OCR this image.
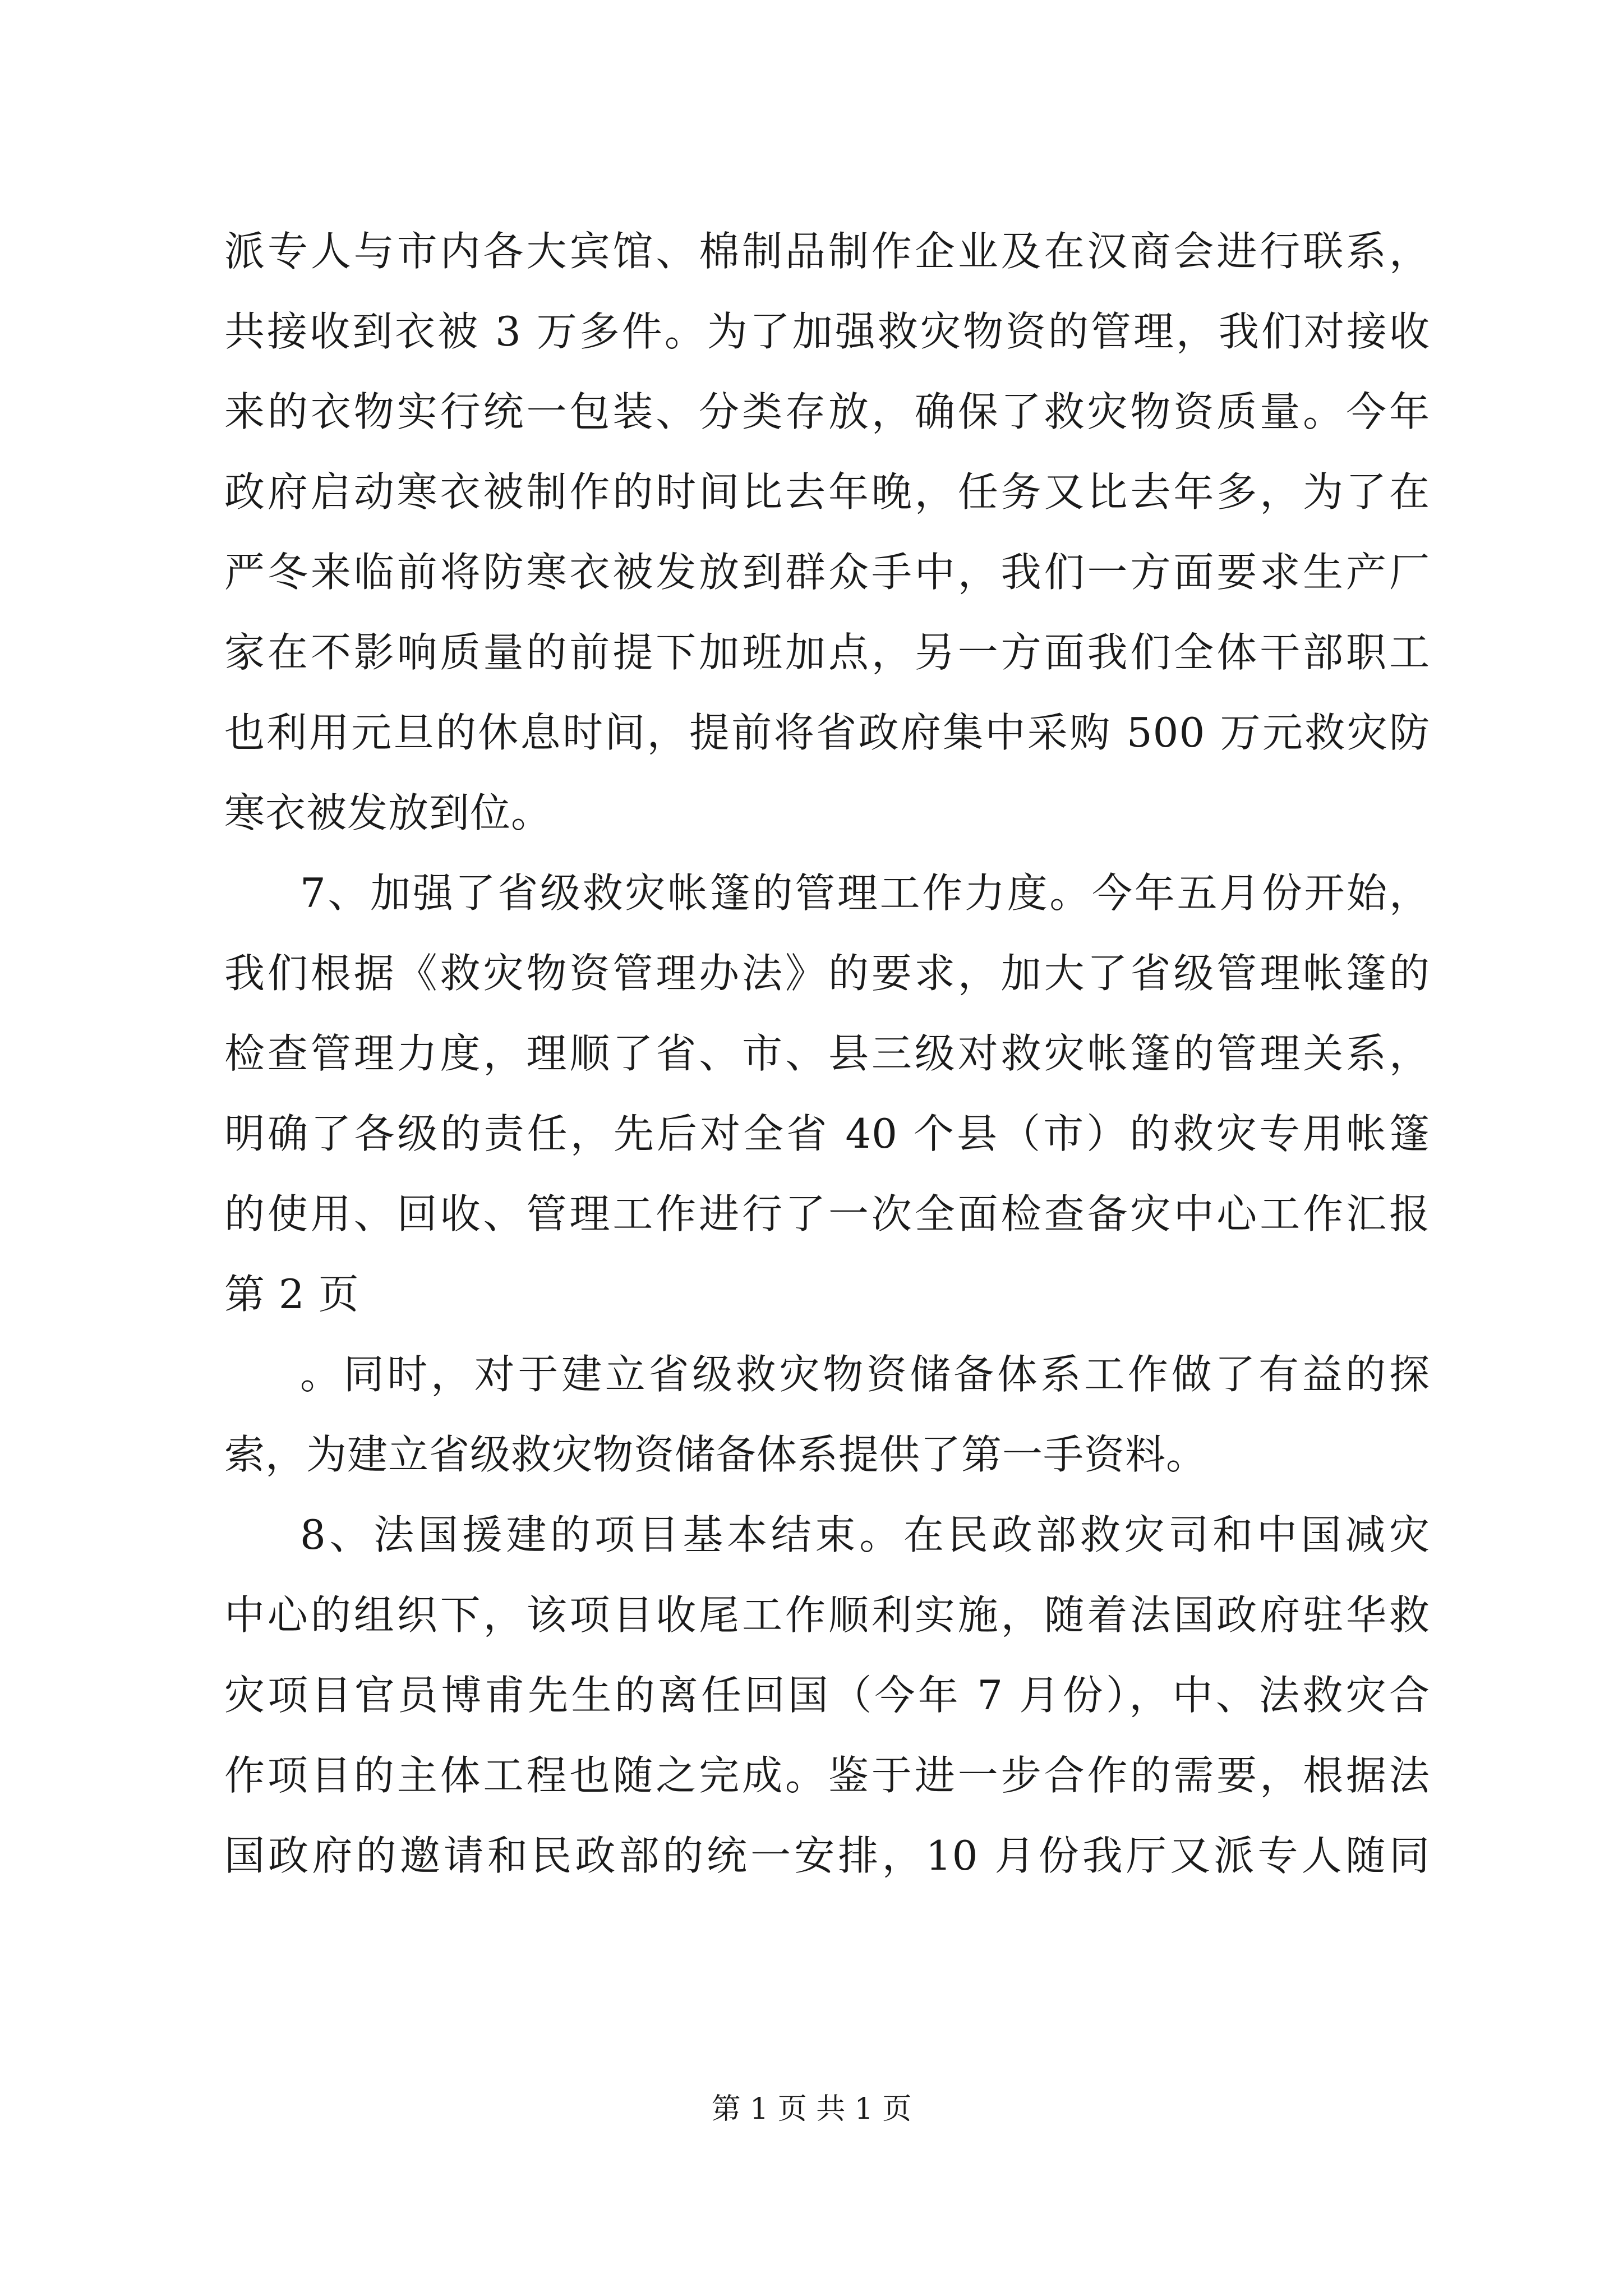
派专人与市内各大宾馆、棉制品制作企业及在汉商会进行联系，
共接收到衣被 3 万多件。为了加强救灾物资的管理，我们对接收
来的衣物实行统一包装、分类存放，确保了救灾物资质量。今年
政府启动寒衣被制作的时间比去年晚，任务又比去年多，为了在
严冬来临前将防寒衣被发放到群众手中，我们一方面要求生产厂
家在不影响质量的前提下加班加点，另一方面我们全体干部职工
也利用元旦的休息时间，提前将省政府集中采购 500 万元救灾防
寒衣被发放到位。
7、加强了省级救灾帐篷的管理工作力度。今年五月份开始，
我们根据《救灾物资管理办法》的要求，加大了省级管理帐篷的
检查管理力度，理顺了省、市、县三级对救灾帐篷的管理关系，
明确了各级的责任，先后对全省 40 个县（市）的救灾专用帐篷
的使用、回收、管理工作进行了一次全面检查备灾中心工作汇报
第 2 页
。同时，对于建立省级救灾物资储备体系工作做了有益的探
索，为建立省级救灾物资储备体系提供了第一手资料。
8、法国援建的项目基本结束。在民政部救灾司和中国减灾
中心的组织下，该项目收尾工作顺利实施，随着法国政府驻华救
灾项目官员博甫先生的离任回国（今年 7 月份），中、法救灾合
作项目的主体工程也随之完成。鉴于进一步合作的需要，根据法
国政府的邀请和民政部的统一安排，10 月份我厅又派专人随同
第 1 页 共 1 页
